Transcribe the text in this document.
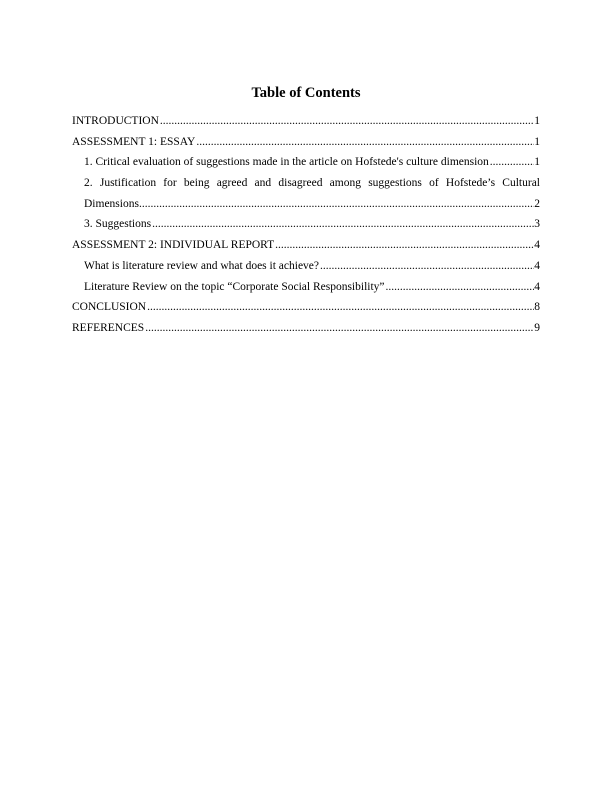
Table of Contents
INTRODUCTION .....	1
ASSESSMENT 1: ESSAY .....	1
1. Critical evaluation of suggestions made in the article on Hofstede's culture dimension .....	1
2. Justification for being agreed and disagreed among suggestions of Hofstede’s Cultural
Dimensions .....	2
3. Suggestions .....	3
ASSESSMENT 2: INDIVIDUAL REPORT .....	4
What is literature review and what does it achieve? .....	4
Literature Review on the topic “Corporate Social Responsibility” .....	4
CONCLUSION .....	8
REFERENCES .....	9
